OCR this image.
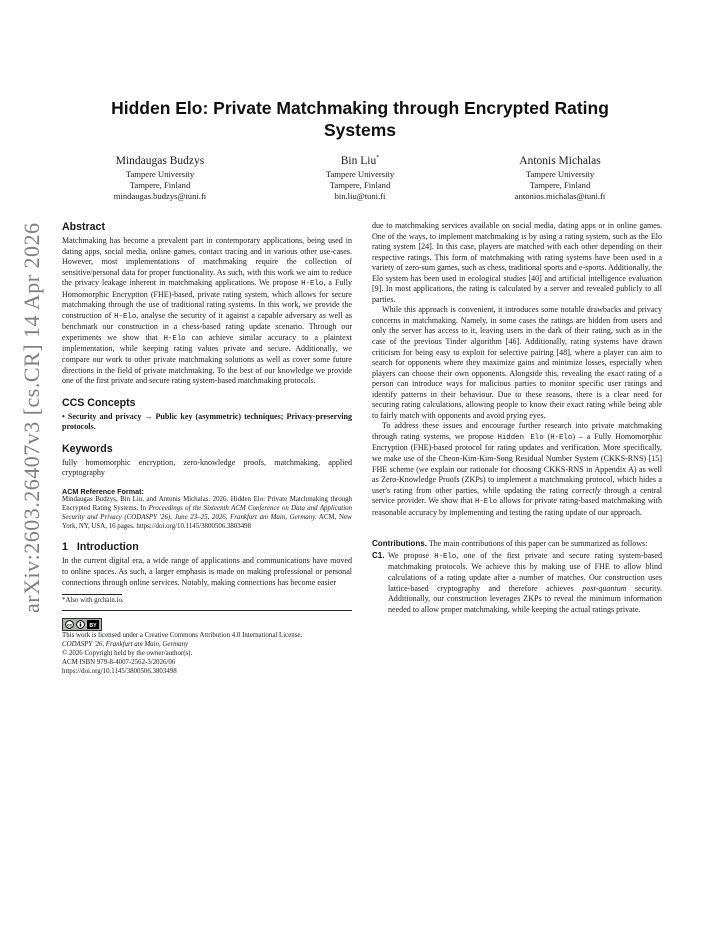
arXiv:2603.26407v3 [cs.CR] 14 Apr 2026
Hidden Elo: Private Matchmaking through Encrypted Rating
Systems
Mindaugas Budzys
Tampere University
Tampere, Finland
mindaugas.budzys@tuni.fi
Bin Liu*
Tampere University
Tampere, Finland
bin.liu@tuni.fi
Antonis Michalas
Tampere University
Tampere, Finland
antonios.michalas@tuni.fi
Abstract

Matchmaking has become a prevalent part in contemporary applications, being used in dating apps, social media, online games, contact tracing and in various other use-cases. However, most implementations of matchmaking require the collection of sensitive/personal data for proper functionality. As such, with this work we aim to reduce the privacy leakage inherent in matchmaking applications. We propose H-Elo, a Fully Homomorphic Encryption (FHE)-based, private rating system, which allows for secure matchmaking through the use of traditional rating systems. In this work, we provide the construction of H-Elo, analyse the security of it against a capable adversary as well as benchmark our construction in a chess-based rating update scenario. Through our experiments we show that H-Elo can achieve similar accuracy to a plaintext implementation, while keeping rating values private and secure. Additionally, we compare our work to other private matchmaking solutions as well as cover some future directions in the field of private matchmaking. To the best of our knowledge we provide one of the first private and secure rating system-based matchmaking protocols.

CCS Concepts

• Security and privacy → Public key (asymmetric) techniques; Privacy-preserving protocols.

Keywords

fully homomorphic encryption, zero-knowledge proofs, matchmaking, applied cryptography

ACM Reference Format:

Mindaugas Budzys, Bin Liu, and Antonis Michalas. 2026. Hidden Elo: Private Matchmaking through Encrypted Rating Systems. In Proceedings of the Sixteenth ACM Conference on Data and Application Security and Privacy (CODASPY '26), June 23–25, 2026, Frankfurt am Main, Germany. ACM, New York, NY, USA, 16 pages. https://doi.org/10.1145/3800506.3803498

1 Introduction

In the current digital era, a wide range of applications and communications have moved to online spaces. As such, a larger emphasis is made on making professional or personal connections through online services. Notably, making connections has become easier

*Also with grchain.io.

cc	BY
This work is licensed under a Creative Commons Attribution 4.0 International License.
CODASPY '26, Frankfurt am Main, Germany
© 2026 Copyright held by the owner/author(s).
ACM ISBN 979-8-4007-2562-3/2026/06
https://doi.org/10.1145/3800506.3803498

due to matchmaking services available on social media, dating apps or in online games. One of the ways, to implement matchmaking is by using a rating system, such as the Elo rating system [24]. In this case, players are matched with each other depending on their respective ratings. This form of matchmaking with rating systems have been used in a variety of zero-sum games, such as chess, traditional sports and e-sports. Additionally, the Elo system has been used in ecological studies [40] and artificial intelligence evaluation [9]. In most applications, the rating is calculated by a server and revealed publicly to all parties.

While this approach is convenient, it introduces some notable drawbacks and privacy concerns in matchmaking. Namely, in some cases the ratings are hidden from users and only the server has access to it, leaving users in the dark of their rating, such as in the case of the previous Tinder algorithm [46]. Additionally, rating systems have drawn criticism for being easy to exploit for selective pairing [48], where a player can aim to search for opponents where they maximize gains and minimize losses, especially when players can choose their own opponents. Alongside this, revealing the exact rating of a person can introduce ways for malicious parties to monitor specific user ratings and identify patterns in their behaviour. Due to these reasons, there is a clear need for securing rating calculations, allowing people to know their exact rating while being able to fairly match with opponents and avoid prying eyes.

To address these issues and encourage further research into private matchmaking through rating systems, we propose Hidden Elo (H-Elo) – a Fully Homomorphic Encryption (FHE)-based protocol for rating updates and verification. More specifically, we make use of the Cheon-Kim-Kim-Song Residual Number System (CKKS-RNS) [15] FHE scheme (we explain our rationale for choosing CKKS-RNS in Appendix A) as well as Zero-Knowledge Proofs (ZKPs) to implement a matchmaking protocol, which hides a user's rating from other parties, while updating the rating correctly through a central service provider. We show that H-Elo allows for private rating-based matchmaking with reasonable accuracy by implementing and testing the rating update of our approach.

Contributions. The main contributions of this paper can be summarized as follows:

C1. We propose H-Elo, one of the first private and secure rating system-based matchmaking protocols. We achieve this by making use of FHE to allow blind calculations of a rating update after a number of matches. Our construction uses lattice-based cryptography and therefore achieves post-quantum security. Additionally, our construction leverages ZKPs to reveal the minimum information needed to allow proper matchmaking, while keeping the actual ratings private.
